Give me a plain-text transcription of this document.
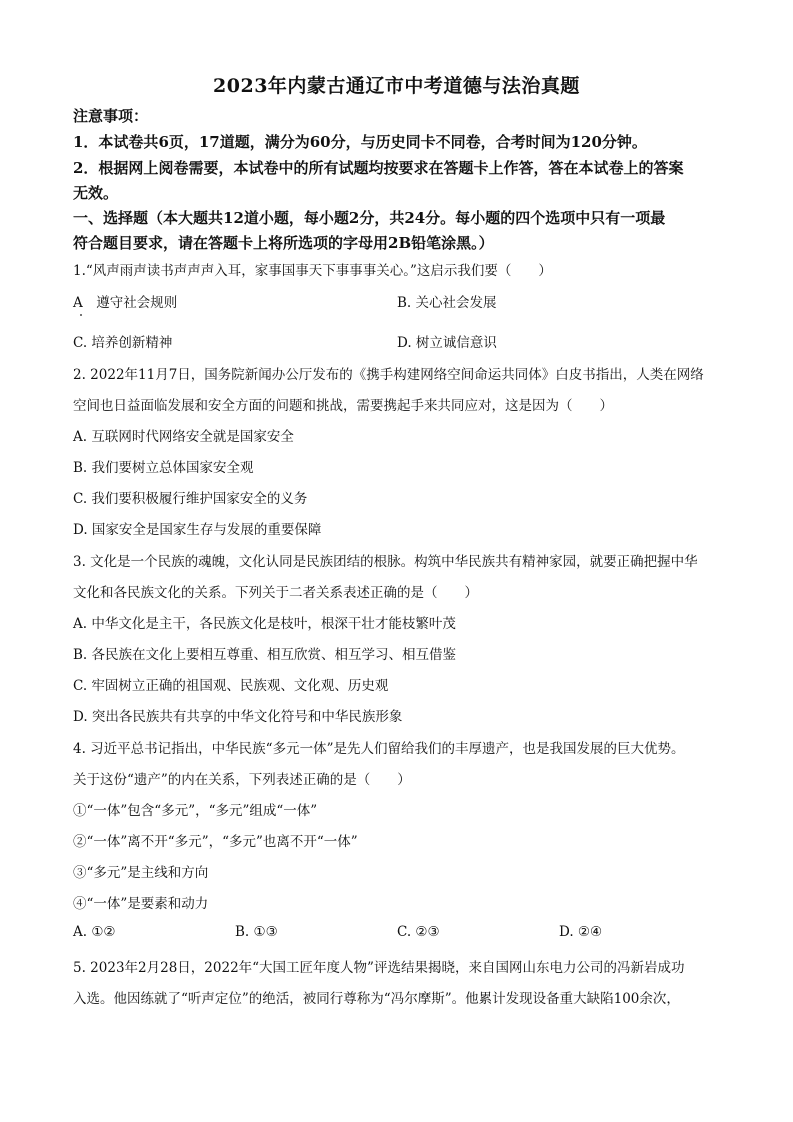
2023年内蒙古通辽市中考道德与法治真题
注意事项：
1．本试卷共6页，17道题，满分为60分，与历史同卡不同卷，合考时间为120分钟。
2．根据网上阅卷需要，本试卷中的所有试题均按要求在答题卡上作答，答在本试卷上的答案
无效。
一、选择题（本大题共12道小题，每小题2分，共24分。每小题的四个选项中只有一项最
符合题目要求，请在答题卡上将所选项的字母用2B铅笔涂黑。）
1.“风声雨声读书声声声入耳，家事国事天下事事事关心。”这启示我们要（　　）
A　遵守社会规则	B. 关心社会发展
C. 培养创新精神	D. 树立诚信意识
2. 2022年11月7日，国务院新闻办公厅发布的《携手构建网络空间命运共同体》白皮书指出，人类在网络
空间也日益面临发展和安全方面的问题和挑战，需要携起手来共同应对，这是因为（　　）
A. 互联网时代网络安全就是国家安全
B. 我们要树立总体国家安全观
C. 我们要积极履行维护国家安全的义务
D. 国家安全是国家生存与发展的重要保障
3. 文化是一个民族的魂魄，文化认同是民族团结的根脉。构筑中华民族共有精神家园，就要正确把握中华
文化和各民族文化的关系。下列关于二者关系表述正确的是（　　）
A. 中华文化是主干，各民族文化是枝叶，根深干壮才能枝繁叶茂
B. 各民族在文化上要相互尊重、相互欣赏、相互学习、相互借鉴
C. 牢固树立正确的祖国观、民族观、文化观、历史观
D. 突出各民族共有共享的中华文化符号和中华民族形象
4. 习近平总书记指出，中华民族“多元一体”是先人们留给我们的丰厚遗产，也是我国发展的巨大优势。
关于这份“遗产”的内在关系，下列表述正确的是（　　）
①“一体”包含“多元”，“多元”组成“一体”
②“一体”离不开“多元”，“多元”也离不开“一体”
③“多元”是主线和方向
④“一体”是要素和动力
A. ①②	B. ①③	C. ②③	D. ②④
5. 2023年2月28日，2022年“大国工匠年度人物”评选结果揭晓，来自国网山东电力公司的冯新岩成功
入选。他因练就了“听声定位”的绝活，被同行尊称为“冯尔摩斯”。他累计发现设备重大缺陷100余次，
